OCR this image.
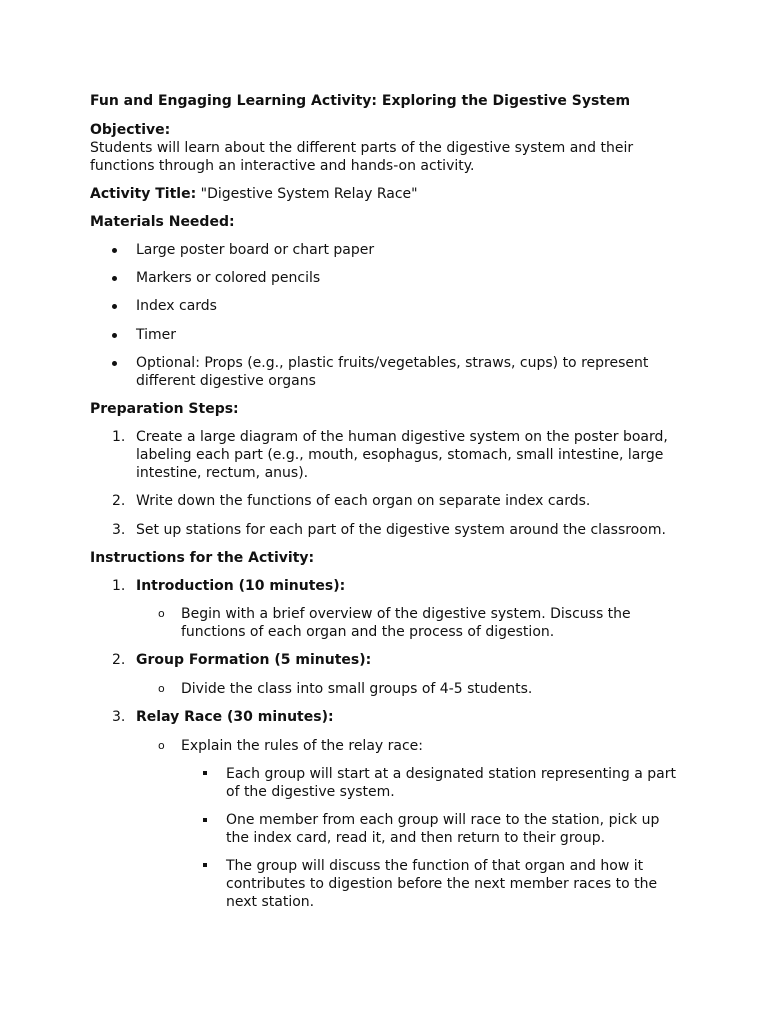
Fun and Engaging Learning Activity: Exploring the Digestive System
Objective:
Students will learn about the different parts of the digestive system and their
functions through an interactive and hands-on activity.
Activity Title: "Digestive System Relay Race"
Materials Needed:
Large poster board or chart paper
Markers or colored pencils
Index cards
Timer
Optional: Props (e.g., plastic fruits/vegetables, straws, cups) to represent
different digestive organs
Preparation Steps:
1. Create a large diagram of the human digestive system on the poster board,
labeling each part (e.g., mouth, esophagus, stomach, small intestine, large
intestine, rectum, anus).
2. Write down the functions of each organ on separate index cards.
3. Set up stations for each part of the digestive system around the classroom.
Instructions for the Activity:
1. Introduction (10 minutes):
o Begin with a brief overview of the digestive system. Discuss the
functions of each organ and the process of digestion.
2. Group Formation (5 minutes):
o Divide the class into small groups of 4-5 students.
3. Relay Race (30 minutes):
o Explain the rules of the relay race:
Each group will start at a designated station representing a part
of the digestive system.
One member from each group will race to the station, pick up
the index card, read it, and then return to their group.
The group will discuss the function of that organ and how it
contributes to digestion before the next member races to the
next station.
